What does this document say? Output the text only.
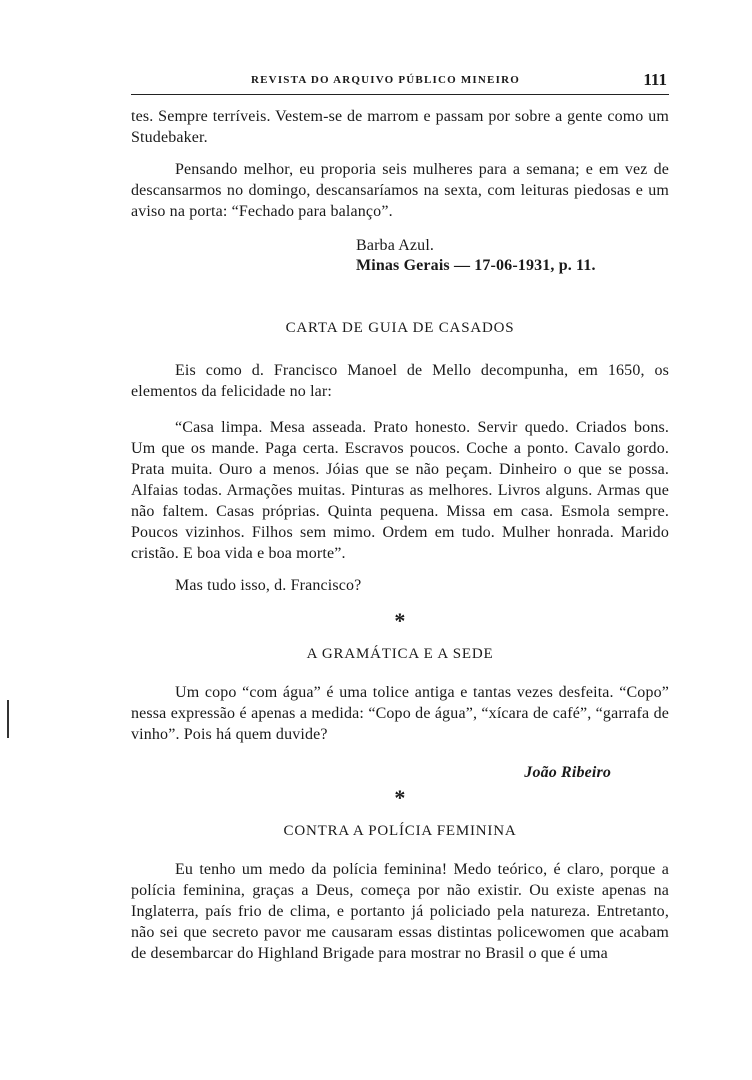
REVISTA DO ARQUIVO PÚBLICO MINEIRO	111

tes. Sempre terríveis. Vestem-se de marrom e passam por sobre a gente como um Studebaker.

Pensando melhor, eu proporia seis mulheres para a semana; e em vez de descansarmos no domingo, descansaríamos na sexta, com leituras piedosas e um aviso na porta: “Fechado para balanço”.

Barba Azul.
Minas Gerais — 17-06-1931, p. 11.
CARTA DE GUIA DE CASADOS

Eis como d. Francisco Manoel de Mello decompunha, em 1650, os elementos da felicidade no lar:

“Casa limpa. Mesa asseada. Prato honesto. Servir quedo. Criados bons. Um que os mande. Paga certa. Escravos poucos. Coche a ponto. Cavalo gordo. Prata muita. Ouro a menos. Jóias que se não peçam. Dinheiro o que se possa. Alfaias todas. Armações muitas. Pinturas as melhores. Livros alguns. Armas que não faltem. Casas próprias. Quinta pequena. Missa em casa. Esmola sempre. Poucos vizinhos. Filhos sem mimo. Ordem em tudo. Mulher honrada. Marido cristão. E boa vida e boa morte”.

Mas tudo isso, d. Francisco?

*
A GRAMÁTICA E A SEDE

Um copo “com água” é uma tolice antiga e tantas vezes desfeita. “Copo” nessa expressão é apenas a medida: “Copo de água”, “xícara de café”, “garrafa de vinho”. Pois há quem duvide?

João Ribeiro
*
CONTRA A POLÍCIA FEMININA

Eu tenho um medo da polícia feminina! Medo teórico, é claro, porque a polícia feminina, graças a Deus, começa por não existir. Ou existe apenas na Inglaterra, país frio de clima, e portanto já policiado pela natureza. Entretanto, não sei que secreto pavor me causaram essas distintas policewomen que acabam de desembarcar do Highland Brigade para mostrar no Brasil o que é uma
